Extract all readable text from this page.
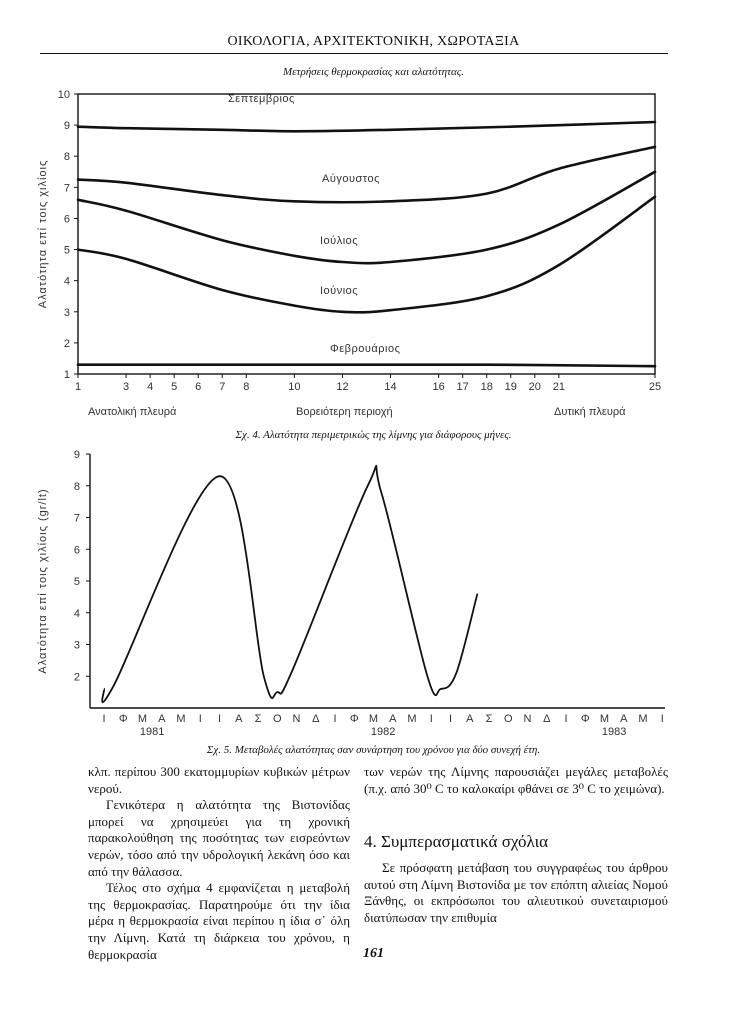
ΟΙΚΟΛΟΓΙΑ, ΑΡΧΙΤΕΚΤΟΝΙΚΗ, ΧΩΡΟΤΑΞΙΑ
Μετρήσεις θερμοκρασίας και αλατότητας.
1
2
3
4
5
6
7
8
9
10
1	3 4 5 6 7 8	10	12	14	16 17 18 19 20 21	25
Αλατότητα επί τοις χιλίοις
Σεπτέμβριος
Αύγουστος
Ιούλιος
Ιούνιος
Φεβρουάριος
Ανατολική πλευρά	Βορειότερη περιοχή	Δυτική πλευρά
Σχ. 4. Αλατότητα περιμετρικώς της λίμνης για διάφορους μήνες.
2
3
4
5
6
7
8
9
Ι Φ Μ Α Μ Ι Ι Α Σ Ο Ν Δ Ι Φ Μ Α Μ Ι Ι Α Σ Ο Ν Δ Ι Φ Μ Α Μ Ι
1981	1982	1983
Αλατότητα επί τοις χιλίοις (gr/lt)
Σχ. 5. Μεταβολές αλατότητας σαν συνάρτηση του χρόνου για δύο συνεχή έτη.

κλπ. περίπου 300 εκατομμυρίων κυβικών μέτρων νερού.

Γενικότερα η αλατότητα της Βιστονίδας μπορεί να χρησιμεύει για τη χρονική παρακολούθηση της ποσότητας των εισρεόντων νερών, τόσο από την υδρολογική λεκάνη όσο και από την θάλασσα.

Τέλος στο σχήμα 4 εμφανίζεται η μεταβολή της θερμοκρασίας. Παρατηρούμε ότι την ίδια μέρα η θερμοκρασία είναι περίπου η ίδια σ᾽ όλη την Λίμνη. Κατά τη διάρκεια του χρόνου, η θερμοκρασία

των νερών της Λίμνης παρουσιάζει μεγάλες μεταβολές (π.χ. από 30⁰ C το καλοκαίρι φθάνει σε 3⁰ C το χειμώνα).

4. Συμπερασματικά σχόλια

Σε πρόσφατη μετάβαση του συγγραφέως του άρθρου αυτού στη Λίμνη Βιστονίδα με τον επόπτη αλιείας Νομού Ξάνθης, οι εκπρόσωποι του αλιευτικού συνεταιρισμού διατύπωσαν την επιθυμία

161
